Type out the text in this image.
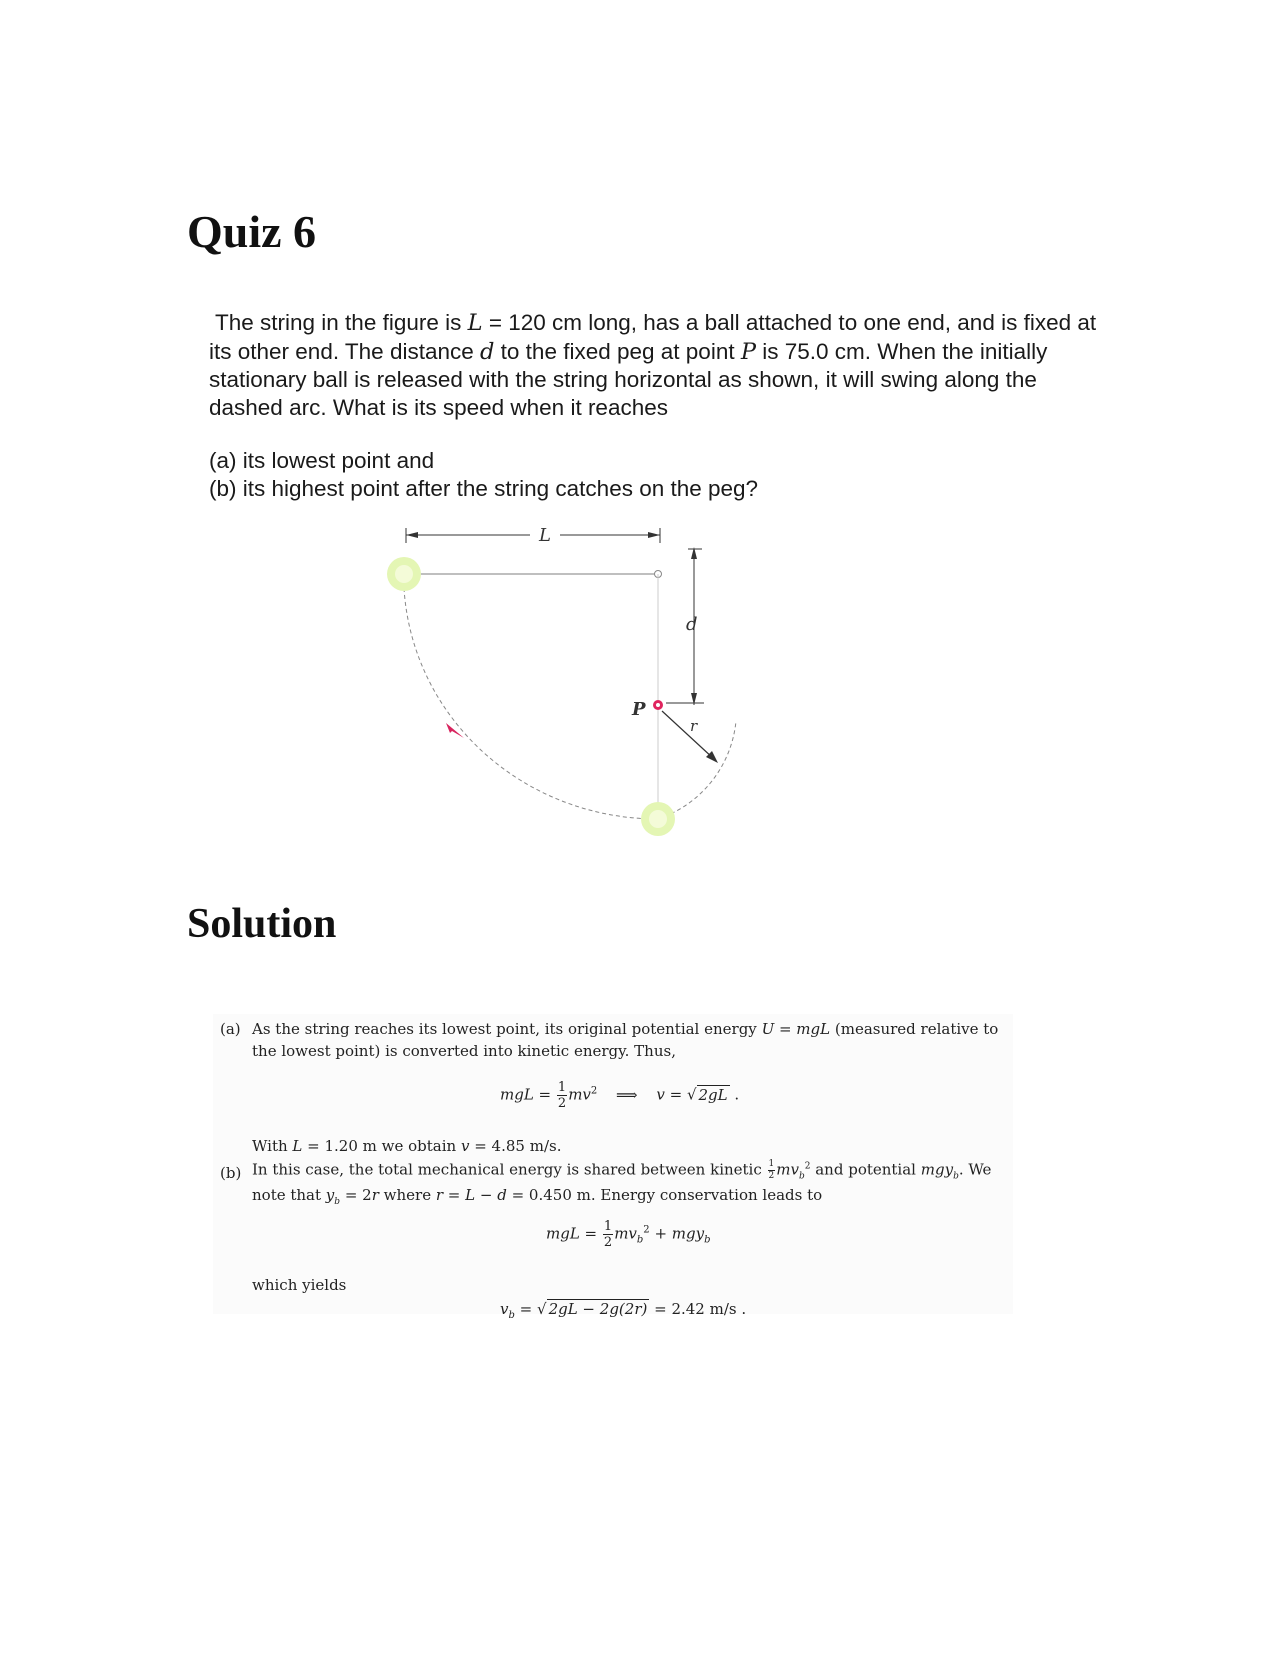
Quiz 6
The string in the figure is L = 120 cm long, has a ball attached to one end, and is fixed at
its other end. The distance d to the fixed peg at point P is 75.0 cm. When the initially
stationary ball is released with the string horizontal as shown, it will swing along the
dashed arc. What is its speed when it reaches
(a) its lowest point and
(b) its highest point after the string catches on the peg?
L
d
P
r
Solution
(a) As the string reaches its lowest point, its original potential energy U = mgL (measured relative to
the lowest point) is converted into kinetic energy. Thus,
mgL = $\frac{1}{2} mv^2$ ⟹ v = √ 2gL .
With L = 1.20 m we obtain v = 4.85 m/s.
(b) In this case, the total mechanical energy is shared between kinetic $\frac{1}{2} mv_b^2$ and potential mgy$_b$. We
note that $y_b = 2r$ where r = L − d = 0.450 m. Energy conservation leads to
mgL = $\frac{1}{2} mv_b^2 + mgy_b$
which yields
$v_b$ = √ 2gL − 2g(2r) = 2.42 m/s .
